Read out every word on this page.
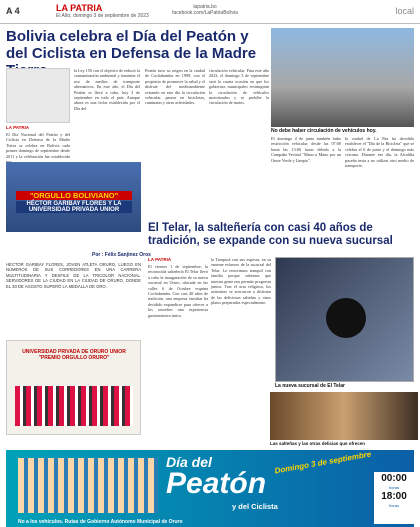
A 4	LA PATRIA
El Alto, domingo 3 de septiembre de 2023
lapatria.bo
facebook.com/LaPatriaBolivia	local
Bolivia celebra el Día del Peatón y del Ciclista en Defensa de la Madre
LA PATRIA
El Día Nacional del Peatón y del Ciclista en Defensa de la Madre Tierra se celebra en Bolivia cada primer domingo de septiembre desde 2011 y la celebración fue establecida
la Ley 150 con el objetivo de reducir la contaminación ambiental y fomentar el uso de medios de transporte alternativos. En este año, el Día del Peatón se llevó a cabo, hoy 3 de septiembre en todo el país. Aunque ahora es una fecha establecida por el Día del
Peatón tuvo su origen en la ciudad de Cochabamba en 1999, con el propósito de promover la salud y el disfrute del medioambiente evitando en este día la circulación vehicular, pasear en bicicletas, caminatas y otras actividades.
circulación vehicular. Para este año 2023, el domingo 3 de septiembre será la cuarta ocasión en que los gobiernos municipales restringirán la circulación de vehículos motorizados y se prohíbe la circulación de motos.
No debe haber circulación de vehículos hoy.
El domingo 4 de junio también hubo restricción vehicular, desde las 07:00 hasta las 13:00 horas debido a la Campaña Vecinal "Mano a Mano por un Orure Verde y Limpio".
la ciudad de La Paz ha decidido establecer el "Día de la Bicicleta" que se celebra el 6 de junio y el domingo más cercano. Durante ese día, la Alcaldía paceña insta a no utilizar otro medio de transporte.
"ORGULLO BOLIVIANO"
HÉCTOR GARIBAY FLORES Y LA UNIVERSIDAD PRIVADA UNIOR
Por : Félix Sanjinez Oros
HÉCTOR GARIBAY FLORES, JOVEN ATLETA ORURO, LUEGO EN NÚMEROS DE SUS CORREDORES EN UNA CARRERA MULTITUDINARIA Y DESFILE DE LA TRICOLOR NACIONAL. SERVIDORES DE LA CIUDAD EN LA CIUDAD DE ORURO, DONDE EL 30 DE AGOSTO SUPERÓ LA MEDALLA DE ORO.
UNIVERSIDAD PRIVADA DE ORURO UNIOR "PREMIO ORGULLO ORURO"
El Telar, la salteñería con casi 40 años de tradición, se expande con su nueva sucursal
LA PATRIA
El viernes 1 de septiembre, la reconocida salteñería El Telar llevó a cabo la inauguración de su nueva sucursal en Oruro, ubicada en las calles 6 de Octubre esquina Cochabamba. Con casi 40 años de tradición, una empresa familiar ha decidido expandirse para ofrecer a los orureños una experiencia gastronómica única.
la Tarapacá con sus esposas, en su enorme esfuerzo de la sucursal del Telar. Lo renovamos tranquil con familia porque sabemos que nuestra gente nos permite progresar juntos. Tras el acto religioso, los asistentes se acercaron a disfrutar de las deliciosas salteñas y otros platos preparados especialmente.
La nueva sucursal de El Telar
Las salteñas y las otras delicias que ofrecen
Día del
Peatón
y del Ciclista
Domingo 3 de septiembre
No a los vehículos. Rutas de Gobierno Autónomo Municipal de Oruro
RESTRICCIÓN VEHICULAR
00:00
horas
18:00
horas
